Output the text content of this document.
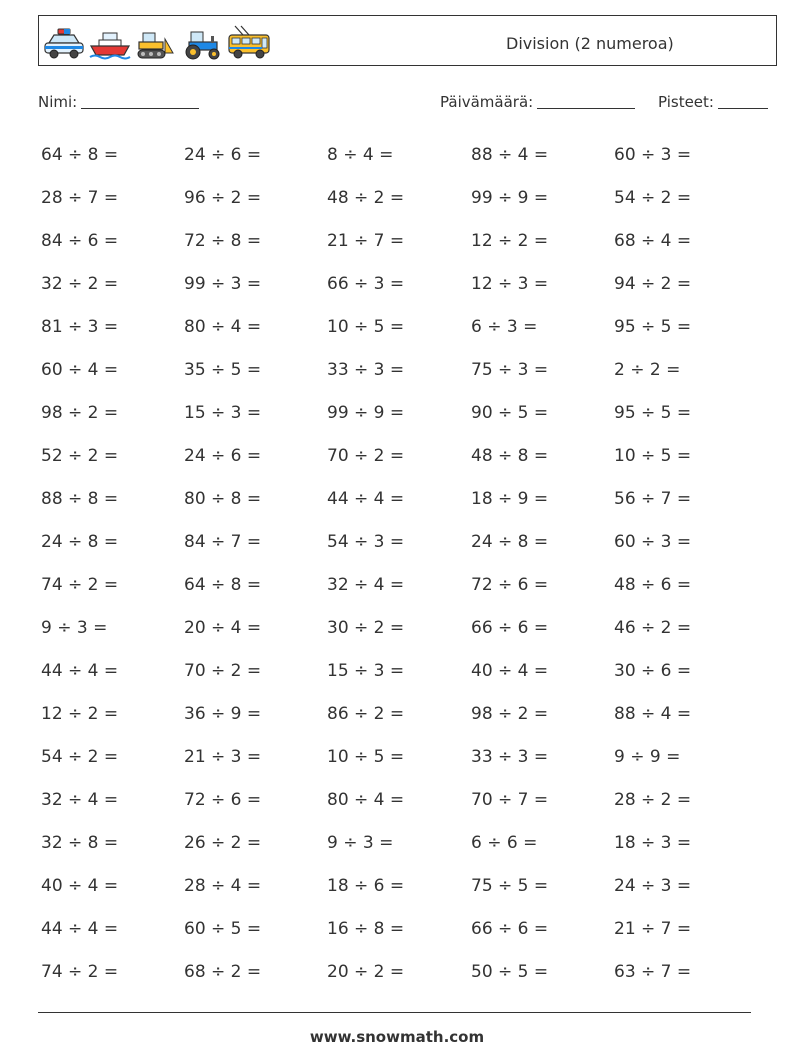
Division (2 numeroa)
Nimi:	Päivämäärä:	Pisteet:
64 ÷ 8 =	24 ÷ 6 =	8 ÷ 4 =	88 ÷ 4 =	60 ÷ 3 =
28 ÷ 7 =	96 ÷ 2 =	48 ÷ 2 =	99 ÷ 9 =	54 ÷ 2 =
84 ÷ 6 =	72 ÷ 8 =	21 ÷ 7 =	12 ÷ 2 =	68 ÷ 4 =
32 ÷ 2 =	99 ÷ 3 =	66 ÷ 3 =	12 ÷ 3 =	94 ÷ 2 =
81 ÷ 3 =	80 ÷ 4 =	10 ÷ 5 =	6 ÷ 3 =	95 ÷ 5 =
60 ÷ 4 =	35 ÷ 5 =	33 ÷ 3 =	75 ÷ 3 =	2 ÷ 2 =
98 ÷ 2 =	15 ÷ 3 =	99 ÷ 9 =	90 ÷ 5 =	95 ÷ 5 =
52 ÷ 2 =	24 ÷ 6 =	70 ÷ 2 =	48 ÷ 8 =	10 ÷ 5 =
88 ÷ 8 =	80 ÷ 8 =	44 ÷ 4 =	18 ÷ 9 =	56 ÷ 7 =
24 ÷ 8 =	84 ÷ 7 =	54 ÷ 3 =	24 ÷ 8 =	60 ÷ 3 =
74 ÷ 2 =	64 ÷ 8 =	32 ÷ 4 =	72 ÷ 6 =	48 ÷ 6 =
9 ÷ 3 =	20 ÷ 4 =	30 ÷ 2 =	66 ÷ 6 =	46 ÷ 2 =
44 ÷ 4 =	70 ÷ 2 =	15 ÷ 3 =	40 ÷ 4 =	30 ÷ 6 =
12 ÷ 2 =	36 ÷ 9 =	86 ÷ 2 =	98 ÷ 2 =	88 ÷ 4 =
54 ÷ 2 =	21 ÷ 3 =	10 ÷ 5 =	33 ÷ 3 =	9 ÷ 9 =
32 ÷ 4 =	72 ÷ 6 =	80 ÷ 4 =	70 ÷ 7 =	28 ÷ 2 =
32 ÷ 8 =	26 ÷ 2 =	9 ÷ 3 =	6 ÷ 6 =	18 ÷ 3 =
40 ÷ 4 =	28 ÷ 4 =	18 ÷ 6 =	75 ÷ 5 =	24 ÷ 3 =
44 ÷ 4 =	60 ÷ 5 =	16 ÷ 8 =	66 ÷ 6 =	21 ÷ 7 =
74 ÷ 2 =	68 ÷ 2 =	20 ÷ 2 =	50 ÷ 5 =	63 ÷ 7 =
www.snowmath.com
